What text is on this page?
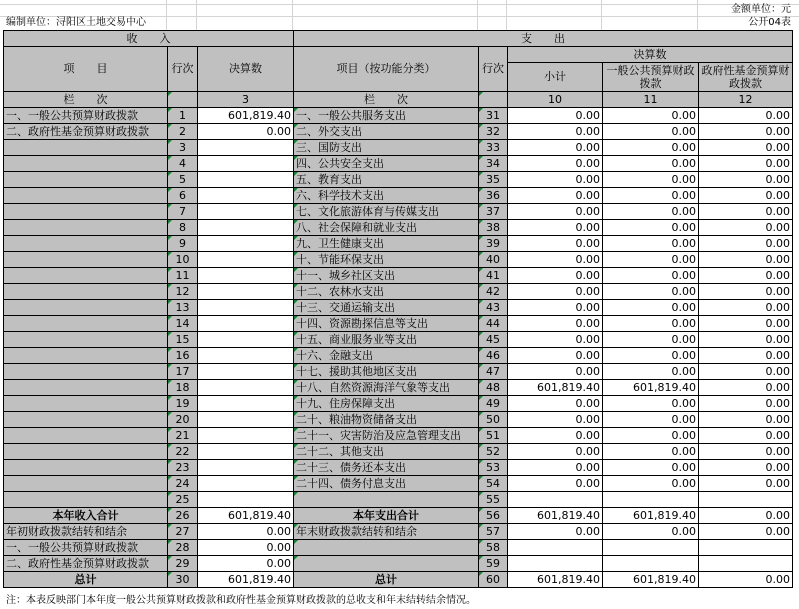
金额单位：元
编制单位：浔阳区土地交易中心	公开04表
收　　入			支　　出				
项　　目	行次	决算数	项目（按功能分类）	行次	决算数		
					小计	一般公共预算财政拨款	政府性基金预算财政拨款
栏　　次		3	栏　　次		10	11	12
一、一般公共预算财政拨款	1	601,819.40	一、一般公共服务支出	31	0.00	0.00	0.00
二、政府性基金预算财政拨款	2	0.00	二、外交支出	32	0.00	0.00	0.00
	3		三、国防支出	33	0.00	0.00	0.00
	4		四、公共安全支出	34	0.00	0.00	0.00
	5		五、教育支出	35	0.00	0.00	0.00
	6		六、科学技术支出	36	0.00	0.00	0.00
	7		七、文化旅游体育与传媒支出	37	0.00	0.00	0.00
	8		八、社会保障和就业支出	38	0.00	0.00	0.00
	9		九、卫生健康支出	39	0.00	0.00	0.00
	10		十、节能环保支出	40	0.00	0.00	0.00
	11		十一、城乡社区支出	41	0.00	0.00	0.00
	12		十二、农林水支出	42	0.00	0.00	0.00
	13		十三、交通运输支出	43	0.00	0.00	0.00
	14		十四、资源勘探信息等支出	44	0.00	0.00	0.00
	15		十五、商业服务业等支出	45	0.00	0.00	0.00
	16		十六、金融支出	46	0.00	0.00	0.00
	17		十七、援助其他地区支出	47	0.00	0.00	0.00
	18		十八、自然资源海洋气象等支出	48	601,819.40	601,819.40	0.00
	19		十九、住房保障支出	49	0.00	0.00	0.00
	20		二十、粮油物资储备支出	50	0.00	0.00	0.00
	21		二十一、灾害防治及应急管理支出	51	0.00	0.00	0.00
	22		二十二、其他支出	52	0.00	0.00	0.00
	23		二十三、债务还本支出	53	0.00	0.00	0.00
	24		二十四、债务付息支出	54	0.00	0.00	0.00
	25			55			
本年收入合计	26	601,819.40	本年支出合计	56	601,819.40	601,819.40	0.00
年初财政拨款结转和结余	27	0.00	年末财政拨款结转和结余	57	0.00	0.00	0.00
一、一般公共预算财政拨款	28	0.00		58			
二、政府性基金预算财政拨款	29	0.00		59			
总计	30	601,819.40	总计	60	601,819.40	601,819.40	0.00
注：本表反映部门本年度一般公共预算财政拨款和政府性基金预算财政拨款的总收支和年末结转结余情况。
